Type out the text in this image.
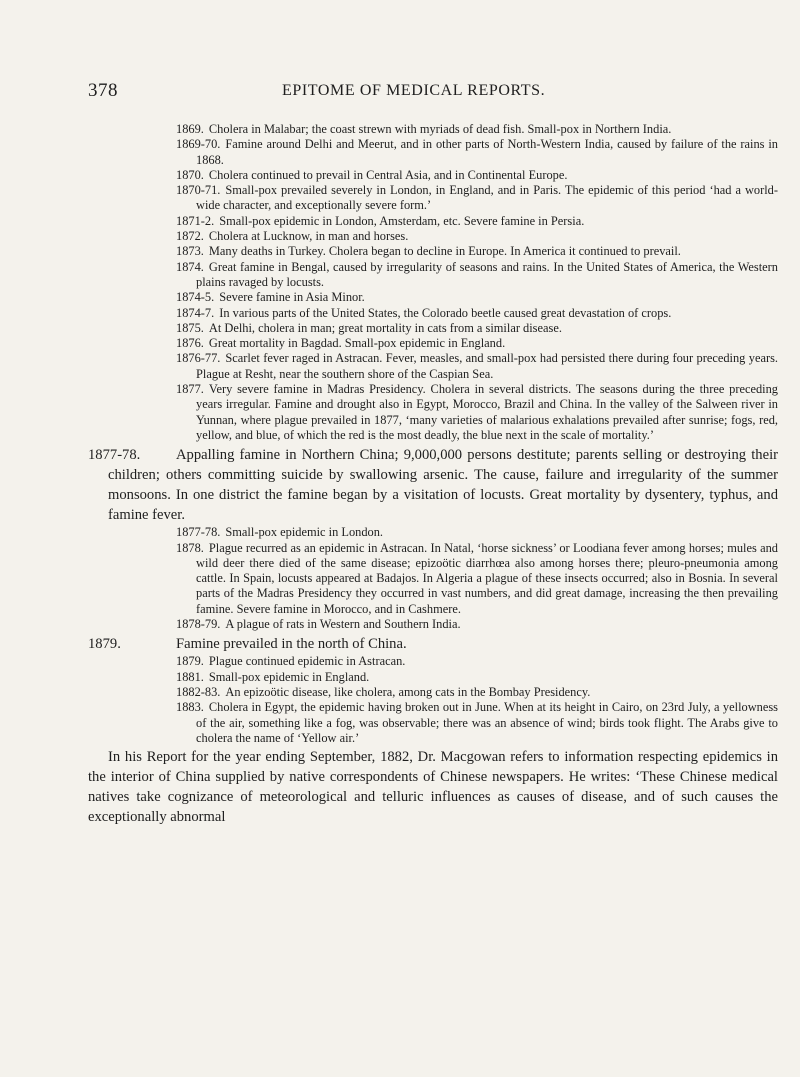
378	EPITOME OF MEDICAL REPORTS.
1869. Cholera in Malabar; the coast strewn with myriads of dead fish. Small-pox in Northern India.
1869-70. Famine around Delhi and Meerut, and in other parts of North-Western India, caused by failure of the rains in 1868.
1870. Cholera continued to prevail in Central Asia, and in Continental Europe.
1870-71. Small-pox prevailed severely in London, in England, and in Paris. The epidemic of this period ‘had a world-wide character, and exceptionally severe form.’
1871-2. Small-pox epidemic in London, Amsterdam, etc. Severe famine in Persia.
1872. Cholera at Lucknow, in man and horses.
1873. Many deaths in Turkey. Cholera began to decline in Europe. In America it continued to prevail.
1874. Great famine in Bengal, caused by irregularity of seasons and rains. In the United States of America, the Western plains ravaged by locusts.
1874-5. Severe famine in Asia Minor.
1874-7. In various parts of the United States, the Colorado beetle caused great devastation of crops.
1875. At Delhi, cholera in man; great mortality in cats from a similar disease.
1876. Great mortality in Bagdad. Small-pox epidemic in England.
1876-77. Scarlet fever raged in Astracan. Fever, measles, and small-pox had persisted there during four preceding years. Plague at Resht, near the southern shore of the Caspian Sea.
1877. Very severe famine in Madras Presidency. Cholera in several districts. The seasons during the three preceding years irregular. Famine and drought also in Egypt, Morocco, Brazil and China. In the valley of the Salween river in Yunnan, where plague prevailed in 1877, ‘many varieties of malarious exhalations prevailed after sunrise; fogs, red, yellow, and blue, of which the red is the most deadly, the blue next in the scale of mortality.’
1877-78. Appalling famine in Northern China; 9,000,000 persons destitute; parents selling or destroying their children; others committing suicide by swallowing arsenic. The cause, failure and irregularity of the summer monsoons. In one district the famine began by a visitation of locusts. Great mortality by dysentery, typhus, and famine fever.
1877-78. Small-pox epidemic in London.
1878. Plague recurred as an epidemic in Astracan. In Natal, ‘horse sickness’ or Loodiana fever among horses; mules and wild deer there died of the same disease; epizoötic diarrhœa also among horses there; pleuro-pneumonia among cattle. In Spain, locusts appeared at Badajos. In Algeria a plague of these insects occurred; also in Bosnia. In several parts of the Madras Presidency they occurred in vast numbers, and did great damage, increasing the then prevailing famine. Severe famine in Morocco, and in Cashmere.
1878-79. A plague of rats in Western and Southern India.
1879.	Famine prevailed in the north of China.
1879. Plague continued epidemic in Astracan.
1881. Small-pox epidemic in England.
1882-83. An epizoötic disease, like cholera, among cats in the Bombay Presidency.
1883. Cholera in Egypt, the epidemic having broken out in June. When at its height in Cairo, on 23rd July, a yellowness of the air, something like a fog, was observable; there was an absence of wind; birds took flight. The Arabs give to cholera the name of ‘Yellow air.’

In his Report for the year ending September, 1882, Dr. Macgowan refers to information respecting epidemics in the interior of China supplied by native correspondents of Chinese newspapers. He writes: ‘These Chinese medical natives take cognizance of meteorological and telluric influences as causes of disease, and of such causes the exceptionally abnormal
